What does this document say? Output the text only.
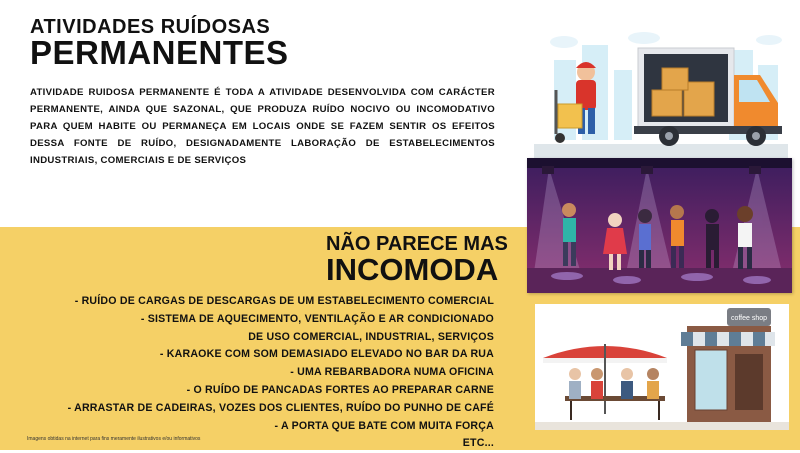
ATIVIDADES RUÍDOSAS
PERMANENTES
ATIVIDADE RUIDOSA PERMANENTE É TODA A ATIVIDADE DESENVOLVIDA COM CARÁCTER PERMANENTE, AINDA QUE SAZONAL, QUE PRODUZA RUÍDO NOCIVO OU INCOMODATIVO PARA QUEM HABITE OU PERMANEÇA EM LOCAIS ONDE SE FAZEM SENTIR OS EFEITOS DESSA FONTE DE RUÍDO, DESIGNADAMENTE LABORAÇÃO DE ESTABELECIMENTOS INDUSTRIAIS, COMERCIAIS E DE SERVIÇOS
NÃO PARECE MAS
INCOMODA
- RUÍDO DE CARGAS DE DESCARGAS DE UM ESTABELECIMENTO COMERCIAL
- SISTEMA DE AQUECIMENTO, VENTILAÇÃO E AR CONDICIONADO
DE USO COMERCIAL, INDUSTRIAL, SERVIÇOS
- KARAOKE COM SOM DEMASIADO ELEVADO NO BAR DA RUA
- UMA REBARBADORA NUMA OFICINA
- O RUÍDO DE PANCADAS FORTES AO PREPARAR CARNE
- ARRASTAR DE CADEIRAS, VOZES DOS CLIENTES, RUÍDO DO PUNHO DE CAFÉ
- A PORTA QUE BATE COM MUITA FORÇA
ETC...
Imagens obtidas na internet para fins meramente ilustrativos e/ou informativos
coffee shop
